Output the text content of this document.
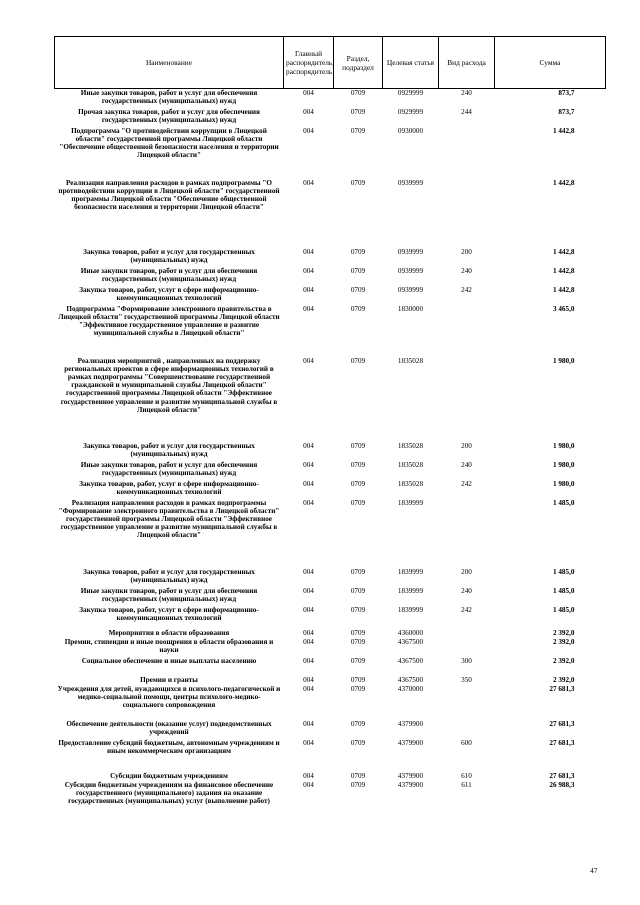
Наименование	Главный распорядитель, распорядитель	Раздел, подраздел	Целевая статья	Вид расхода	Сумма
Иные закупки товаров, работ и услуг для обеспечения государственных (муниципальных) нужд	004	0709	0929999	240	873,7

Прочая закупка товаров, работ и услуг для обеспечения государственных (муниципальных) нужд	004	0709	0929999	244	873,7

Подпрограмма "О противодействии коррупции в Лицецкой области" государственной программы Лицецкой области "Обеспечение общественной безопасности населения и территории Лицецкой области"	004	0709	0930000		1 442,8

Реализация направления расходов в рамках подпрограммы "О противодействии коррупции в Лицецкой области" государственной программы Лицецкой области "Обеспечение общественной безопасности населения и территории Лицецкой области"	004	0709	0939999		1 442,8

Закупка товаров, работ и услуг для государственных (муниципальных) нужд	004	0709	0939999	200	1 442,8

Иные закупки товаров, работ и услуг для обеспечения государственных (муниципальных) нужд	004	0709	0939999	240	1 442,8

Закупка товаров, работ, услуг в сфере информационно-коммуникационных технологий	004	0709	0939999	242	1 442,8

Подпрограмма "Формирование электронного правительства в Лицецкой области" государственной программы Лицецкой области "Эффективное государственное управление и развитие муниципальной службы в Лицецкой области"	004	0709	1830000		3 465,0

Реализация мероприятий , направленных на поддержку региональных проектов в сфере информационных технологий в рамках подпрограммы "Совершенствование государственной гражданской и муниципальной службы Лицецкой области" государственной программы Лицецкой области "Эффективное государственное управление и развитие муниципальной службы в Лицецкой области"	004	0709	1835028		1 980,0

Закупка товаров, работ и услуг для государственных (муниципальных) нужд	004	0709	1835028	200	1 980,0

Иные закупки товаров, работ и услуг для обеспечения государственных (муниципальных) нужд	004	0709	1835028	240	1 980,0

Закупка товаров, работ, услуг в сфере информационно-коммуникационных технологий	004	0709	1835028	242	1 980,0

Реализация направления расходов в рамках подпрограммы "Формирование электронного правительства в Лицецкой области" государственной программы Лицецкой области "Эффективное государственное управление и развитие муниципальной службы в Лицецкой области"	004	0709	1839999		1 485,0

Закупка товаров, работ и услуг для государственных (муниципальных) нужд	004	0709	1839999	200	1 485,0

Иные закупки товаров, работ и услуг для обеспечения государственных (муниципальных) нужд	004	0709	1839999	240	1 485,0

Закупка товаров, работ, услуг в сфере информационно-коммуникационных технологий	004	0709	1839999	242	1 485,0

Мероприятия в области образования	004	0709	4360000		2 392,0
Премии, стипендии и иные поощрения в области образования и науки	004	0709	4367500		2 392,0

Социальное обеспечение и иные выплаты населению	004	0709	4367500	300	2 392,0

Премии и гранты	004	0709	4367500	350	2 392,0
Учреждения для детей, нуждающихся в психолого-педагогической и медико-социальной помощи, центры психолого-медико-социального сопровождения	004	0709	4370000		27 681,3

Обеспечение деятельности (оказание услуг) подведомственных учреждений	004	0709	4379900		27 681,3

Предоставление субсидий бюджетным, автономным учреждениям и иным некоммерческим организациям	004	0709	4379900	600	27 681,3
Субсидии бюджетным учреждениям	004	0709	4379900	610	27 681,3
Субсидии бюджетным учреждениям на финансовое обеспечение государственного (муниципального) задания на оказание государственных (муниципальных) услуг (выполнение работ)	004	0709	4379900	611	26 988,3
47
